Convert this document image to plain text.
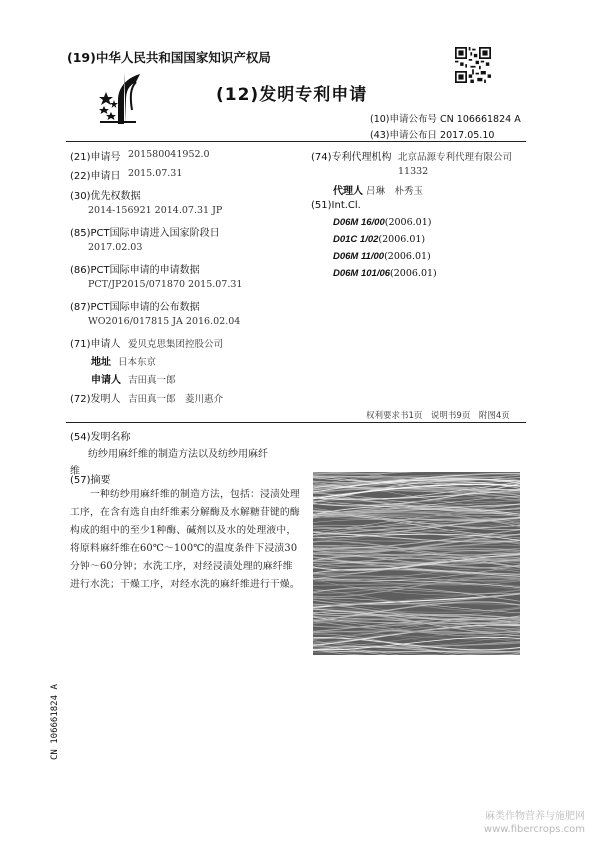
(19)中华人民共和国国家知识产权局
(12)发明专利申请
(10)申请公布号 CN 106661824 A
(43)申请公布日 2017.05.10
(21)申请号 201580041952.0
(22)申请日 2015.07.31
(30)优先权数据
2014-156921 2014.07.31 JP
(85)PCT国际申请进入国家阶段日
2017.02.03
(86)PCT国际申请的申请数据
PCT/JP2015/071870 2015.07.31
(87)PCT国际申请的公布数据
WO2016/017815 JA 2016.02.04
(71)申请人 爱贝克思集团控股公司
地址 日本东京
申请人 吉田真一郎
(72)发明人 吉田真一郎　菱川惠介
(74)专利代理机构 北京品源专利代理有限公司
11332
代理人 吕琳　朴秀玉
(51)Int.Cl.
D06M 16/00(2006.01)
D01C 1/02(2006.01)
D06M 11/00(2006.01)
D06M 101/06(2006.01)
权利要求书1页　说明书9页　附图4页
(54)发明名称
纺纱用麻纤维的制造方法以及纺纱用麻纤
维
(57)摘要
一种纺纱用麻纤维的制造方法，包括：浸渍处理工序，在含有选自由纤维素分解酶及水解糖苷键的酶构成的组中的至少1种酶、碱剂以及水的处理液中，将原料麻纤维在60℃～100℃的温度条件下浸渍30分钟～60分钟；水洗工序，对经浸渍处理的麻纤维进行水洗；干燥工序，对经水洗的麻纤维进行干燥。
CN 106661824 A
麻类作物营养与施肥网
www.fibercrops.com
